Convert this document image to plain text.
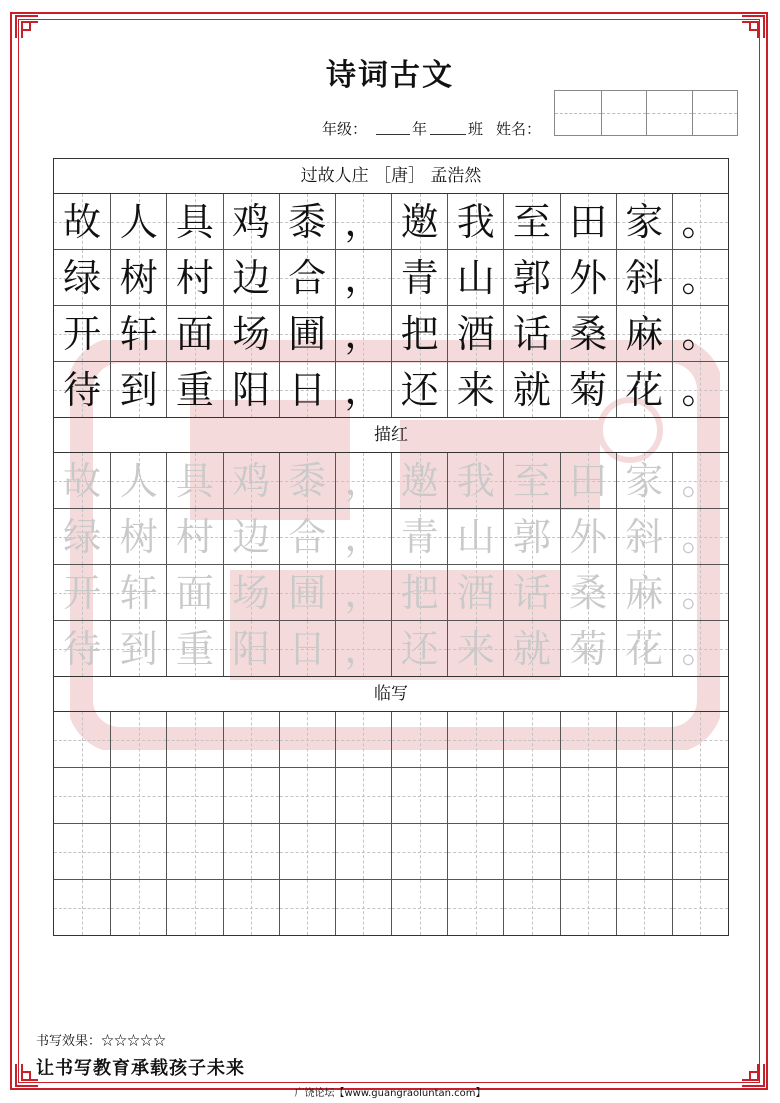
诗词古文
年级：	年	班 姓名：
过故人庄 ［唐］ 孟浩然
故 人 具 鸡 黍 ， 邀 我 至 田 家 。
绿 树 村 边 合 ， 青 山 郭 外 斜 。
开 轩 面 场 圃 ， 把 酒 话 桑 麻 。
待 到 重 阳 日 ， 还 来 就 菊 花 。
描红
故 人 具 鸡 黍 ， 邀 我 至 田 家 。
绿 树 村 边 合 ， 青 山 郭 外 斜 。
开 轩 面 场 圃 ， 把 酒 话 桑 麻 。
待 到 重 阳 日 ， 还 来 就 菊 花 。
临写
书写效果：☆☆☆☆☆
让书写教育承载孩子未来
广饶论坛【www.guangraoluntan.com】
